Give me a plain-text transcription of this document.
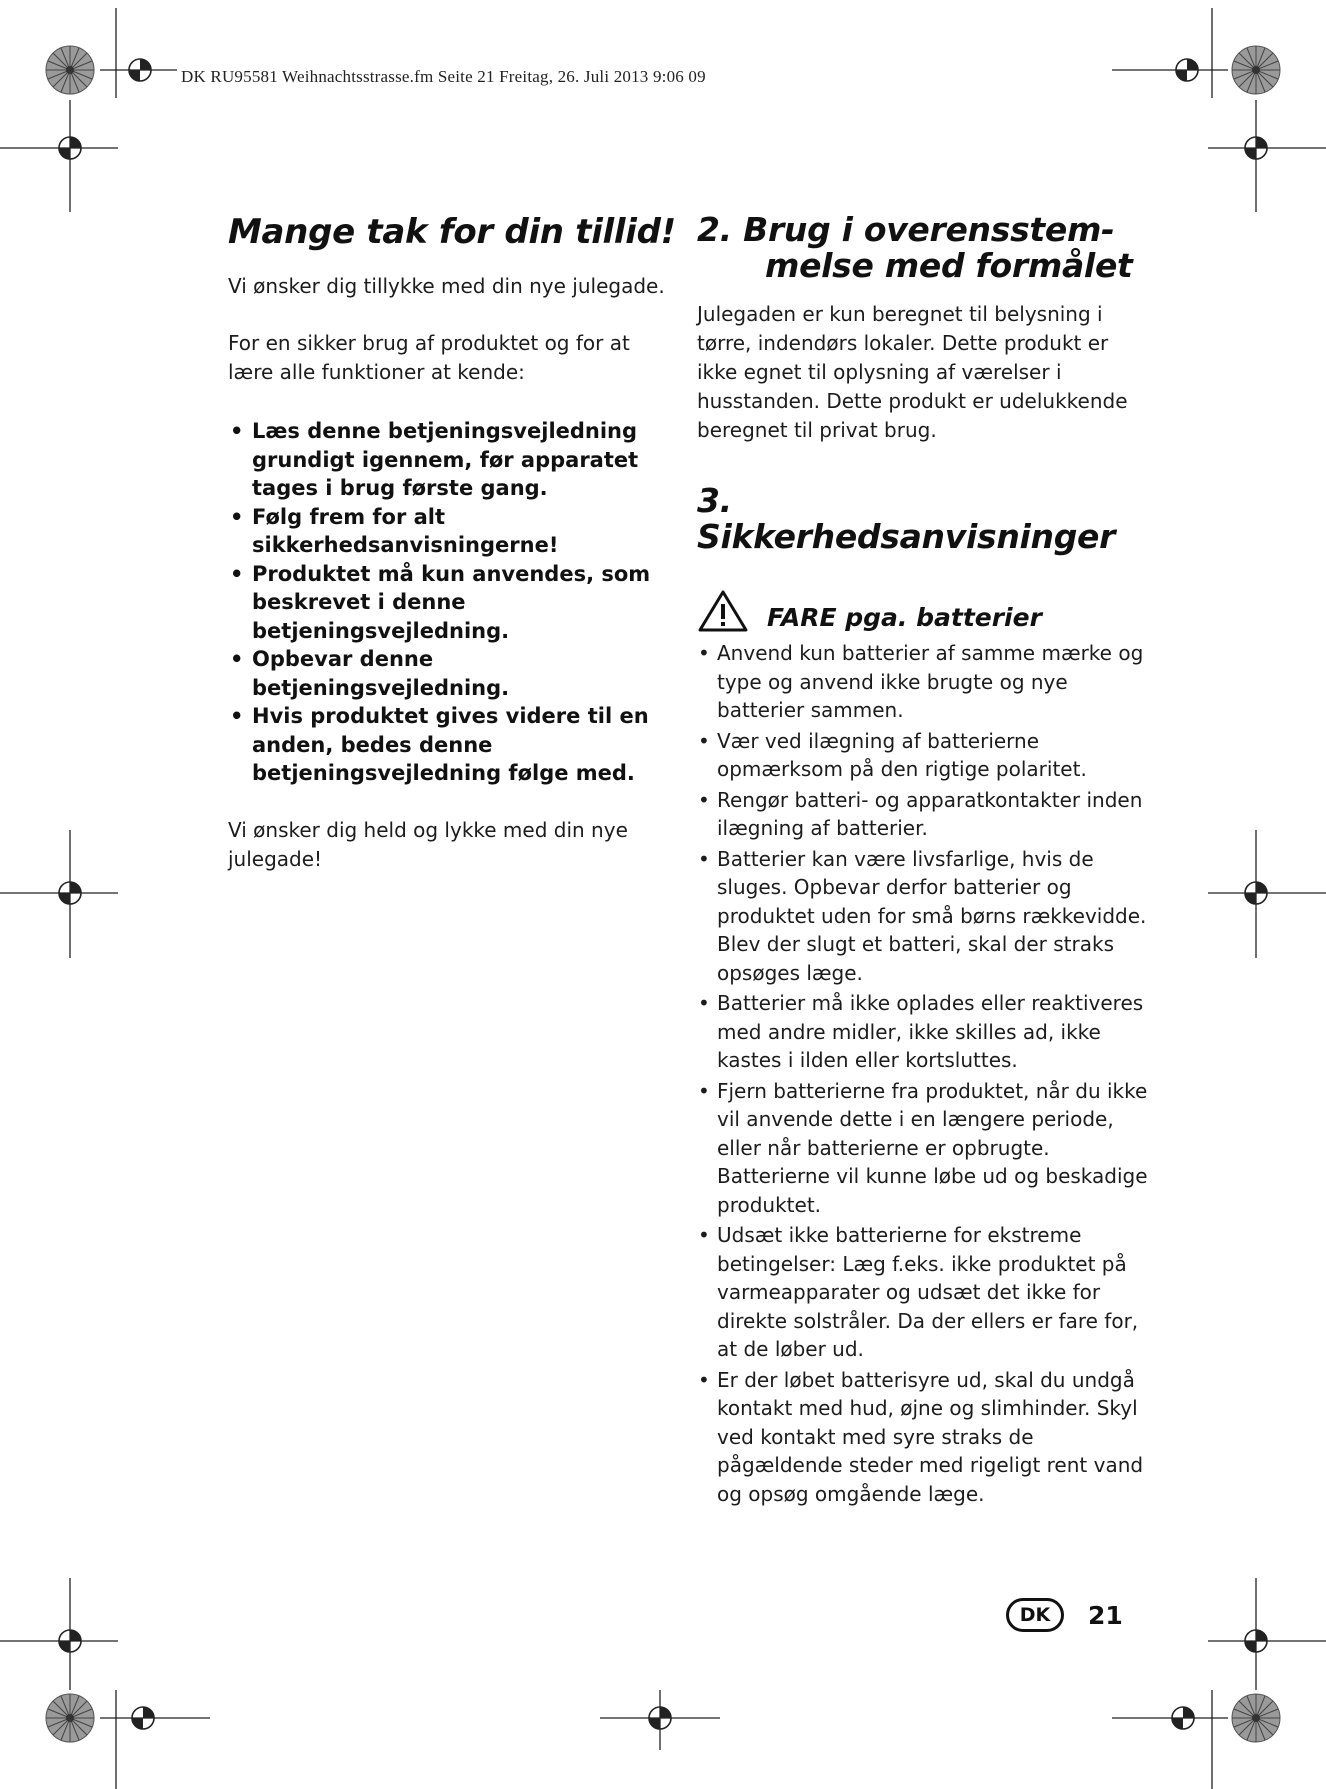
DK RU95581 Weihnachtsstrasse.fm Seite 21 Freitag, 26. Juli 2013 9:06 09
Mange tak for din tillid!

Vi ønsker dig tillykke med din nye julegade.

For en sikker brug af produktet og for at lære alle funktioner at kende:

• Læs denne betjeningsvejledning grundigt igennem, før apparatet tages i brug første gang.
• Følg frem for alt sikkerhedsanvisningerne!
• Produktet må kun anvendes, som beskrevet i denne betjeningsvejledning.
• Opbevar denne betjeningsvejledning.
• Hvis produktet gives videre til en anden, bedes denne betjeningsvejledning følge med.

Vi ønsker dig held og lykke med din nye julegade!

2. Brug i overensstem-
melse med formålet

Julegaden er kun beregnet til belysning i tørre, indendørs lokaler. Dette produkt er ikke egnet til oplysning af værelser i husstanden. Dette produkt er udelukkende beregnet til privat brug.

3. Sikkerhedsanvisninger
FARE pga. batterier
• Anvend kun batterier af samme mærke og type og anvend ikke brugte og nye batterier sammen.
• Vær ved ilægning af batterierne opmærksom på den rigtige polaritet.
• Rengør batteri- og apparatkontakter inden ilægning af batterier.
• Batterier kan være livsfarlige, hvis de sluges. Opbevar derfor batterier og produktet uden for små børns rækkevidde. Blev der slugt et batteri, skal der straks opsøges læge.
• Batterier må ikke oplades eller reaktiveres med andre midler, ikke skilles ad, ikke kastes i ilden eller kortsluttes.
• Fjern batterierne fra produktet, når du ikke vil anvende dette i en længere periode, eller når batterierne er opbrugte. Batterierne vil kunne løbe ud og beskadige produktet.
• Udsæt ikke batterierne for ekstreme betingelser: Læg f.eks. ikke produktet på varmeapparater og udsæt det ikke for direkte solstråler. Da der ellers er fare for, at de løber ud.
• Er der løbet batterisyre ud, skal du undgå kontakt med hud, øjne og slimhinder. Skyl ved kontakt med syre straks de pågældende steder med rigeligt rent vand og opsøg omgående læge.
DK	21
